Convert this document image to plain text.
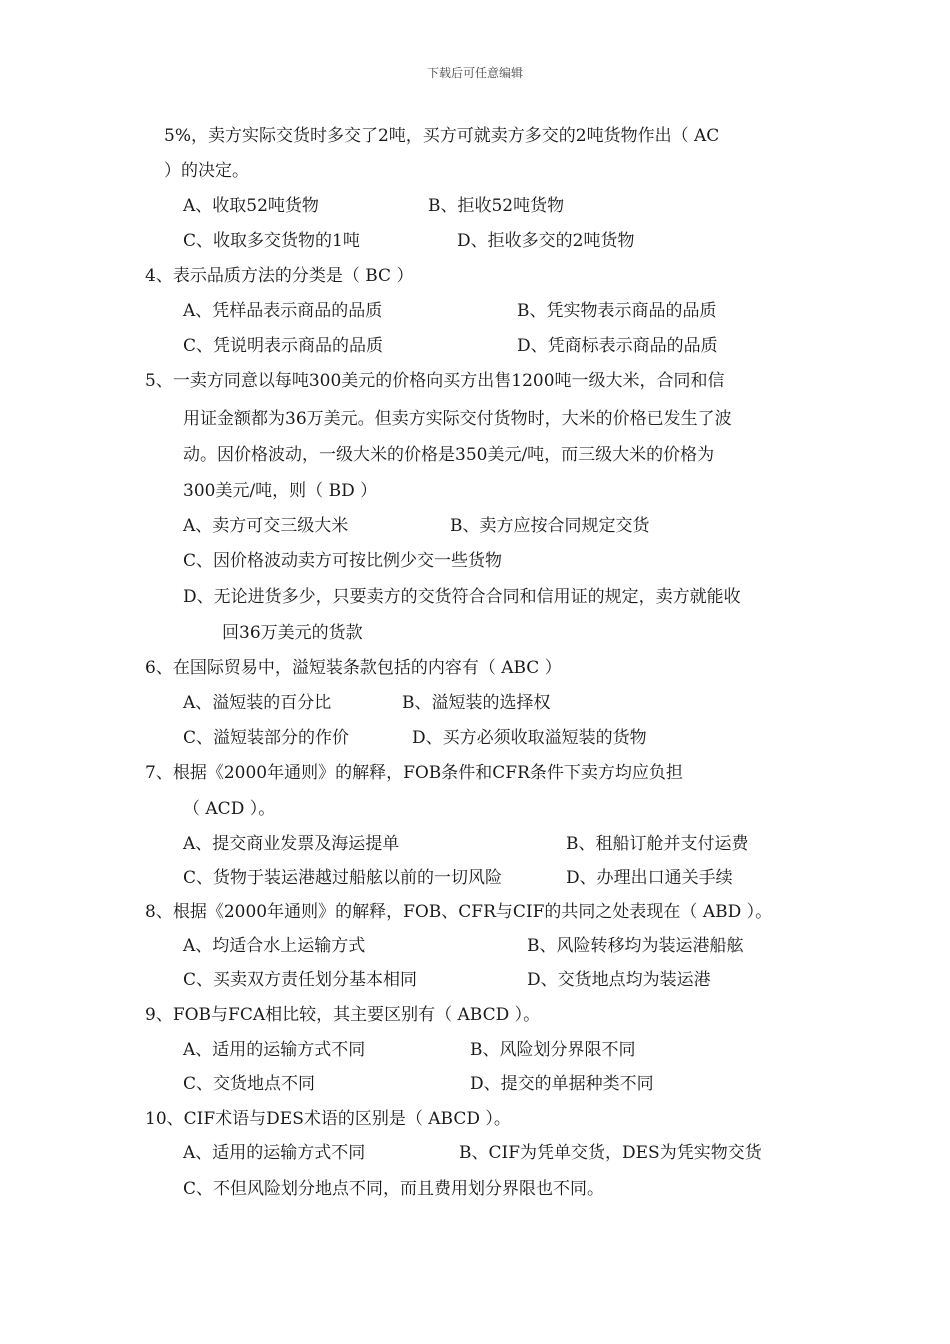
下载后可任意编辑
5%，卖方实际交货时多交了2吨，买方可就卖方多交的2吨货物作出（ AC
）的决定。
A、收取52吨货物	B、拒收52吨货物
C、收取多交货物的1吨	D、拒收多交的2吨货物
4、表示品质方法的分类是（ BC ）
A、凭样品表示商品的品质	B、凭实物表示商品的品质
C、凭说明表示商品的品质	D、凭商标表示商品的品质
5、一卖方同意以每吨300美元的价格向买方出售1200吨一级大米，合同和信
用证金额都为36万美元。但卖方实际交付货物时，大米的价格已发生了波
动。因价格波动，一级大米的价格是350美元/吨，而三级大米的价格为
300美元/吨，则（ BD ）
A、卖方可交三级大米	B、卖方应按合同规定交货
C、因价格波动卖方可按比例少交一些货物
D、无论进货多少，只要卖方的交货符合合同和信用证的规定，卖方就能收
回36万美元的货款
6、在国际贸易中，溢短装条款包括的内容有（ ABC ）
A、溢短装的百分比	B、溢短装的选择权
C、溢短装部分的作价	D、买方必须收取溢短装的货物
7、根据《2000年通则》的解释，FOB条件和CFR条件下卖方均应负担
（ ACD ）。
A、提交商业发票及海运提单	B、租船订舱并支付运费
C、货物于装运港越过船舷以前的一切风险	D、办理出口通关手续
8、根据《2000年通则》的解释，FOB、CFR与CIF的共同之处表现在（ ABD ）。
A、均适合水上运输方式	B、风险转移均为装运港船舷
C、买卖双方责任划分基本相同	D、交货地点均为装运港
9、FOB与FCA相比较，其主要区别有（ ABCD ）。
A、适用的运输方式不同	B、风险划分界限不同
C、交货地点不同	D、提交的单据种类不同
10、CIF术语与DES术语的区别是（ ABCD ）。
A、适用的运输方式不同	B、CIF为凭单交货，DES为凭实物交货
C、不但风险划分地点不同，而且费用划分界限也不同。
